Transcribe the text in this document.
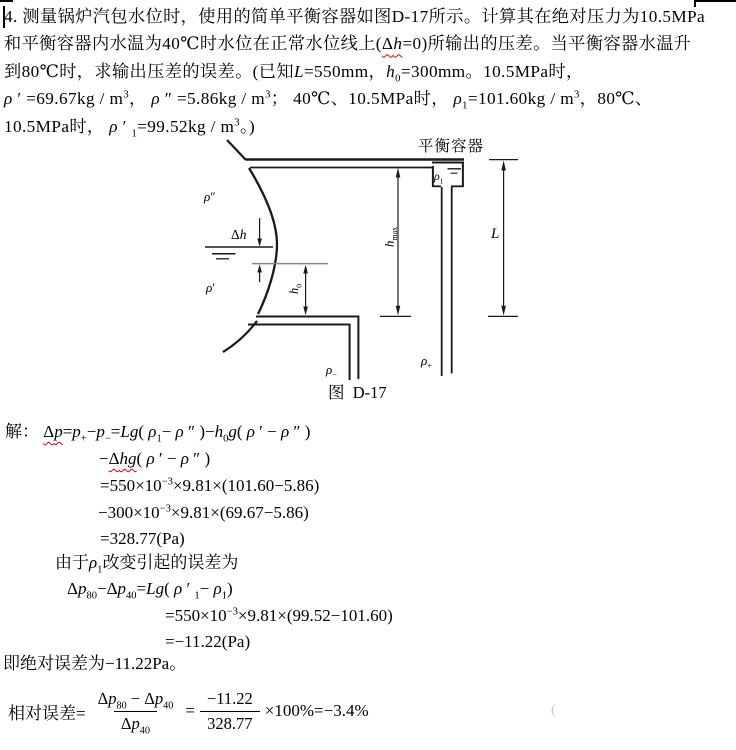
4. 测量锅炉汽包水位时，使用的简单平衡容器如图D-17所示。计算其在绝对压力为10.5MPa
和平衡容器内水温为40℃时水位在正常水位线上(Δh=0)所输出的压差。当平衡容器水温升
到80℃时，求输出压差的误差。(已知L=550mm，$h_0=300mm$。10.5MPa时，
ρ ′ $=69.67kg / m^3$， ρ ″ $=5.86kg / m^3$； 40℃、10.5MPa时， $\rho_1=101.60kg / m^3$，80℃、
10.5MPa时， ρ ′ $_1=99.52kg / m^3$。)
平衡容器
$\rho_1$
ρ″
Δh
ρ′	$h_0$
$h_{max}$	L
$\rho_-$
$\rho_+$
图  D-17
解： $\Delta p=p_+-p_-=Lg$( $\rho_1- \rho$ ″ )$-h_0g$( ρ ′ − ρ ″ )
−Δhg( ρ ′ − ρ ″ )
$=550\times 10^{-3}\times 9.81\times(101.60-5.86)$
$-300\times 10^{-3}\times 9.81\times(69.67-5.86)$
=328.77(Pa)
由于$\rho_1$改变引起的误差为
$\Delta p_{80}-\Delta p_{40}=Lg$( ρ ′ $_1- \rho_1$)
$=550\times 10^{-3}\times 9.81\times(99.52-101.60)$
=−11.22(Pa)
即绝对误差为−11.22Pa。
相对误差= $\frac{\Delta p_{80} - \Delta p_{40}}{\Delta p_{40}} = \frac{-11.22}{328.77} \times 100\%=-3.4\%$	(
